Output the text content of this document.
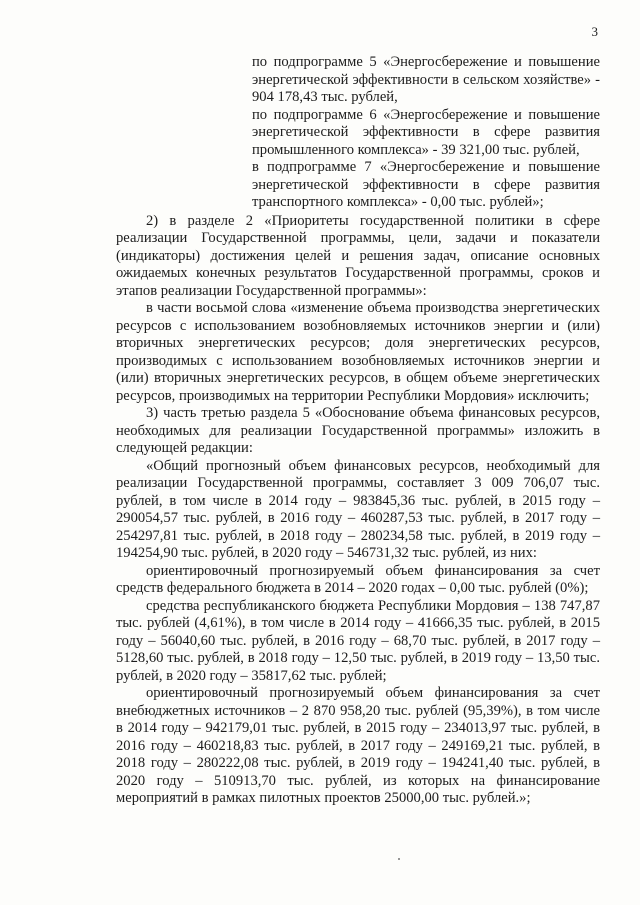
3

по подпрограмме 5 «Энергосбережение и повышение энергетической эффективности в сельском хозяйстве» - 904 178,43 тыс. рублей,

по подпрограмме 6 «Энергосбережение и повышение энергетической эффективности в сфере развития промышленного комплекса» - 39 321,00 тыс. рублей,

в подпрограмме 7 «Энергосбережение и повышение энергетической эффективности в сфере развития транспортного комплекса» - 0,00 тыс. рублей»;

2) в разделе 2 «Приоритеты государственной политики в сфере реализации Государственной программы, цели, задачи и показатели (индикаторы) достижения целей и решения задач, описание основных ожидаемых конечных результатов Государственной программы, сроков и этапов реализации Государственной программы»:

в части восьмой слова «изменение объема производства энергетических ресурсов с использованием возобновляемых источников энергии и (или) вторичных энергетических ресурсов; доля энергетических ресурсов, производимых с использованием возобновляемых источников энергии и (или) вторичных энергетических ресурсов, в общем объеме энергетических ресурсов, производимых на территории Республики Мордовия» исключить;

3) часть третью раздела 5 «Обоснование объема финансовых ресурсов, необходимых для реализации Государственной программы» изложить в следующей редакции:

«Общий прогнозный объем финансовых ресурсов, необходимый для реализации Государственной программы, составляет 3 009 706,07 тыс. рублей, в том числе в 2014 году – 983845,36 тыс. рублей, в 2015 году – 290054,57 тыс. рублей, в 2016 году – 460287,53 тыс. рублей, в 2017 году – 254297,81 тыс. рублей, в 2018 году – 280234,58 тыс. рублей, в 2019 году – 194254,90 тыс. рублей, в 2020 году – 546731,32 тыс. рублей, из них:

ориентировочный прогнозируемый объем финансирования за счет средств федерального бюджета в 2014 – 2020 годах – 0,00 тыс. рублей (0%);

средства республиканского бюджета Республики Мордовия – 138 747,87 тыс. рублей (4,61%), в том числе в 2014 году – 41666,35 тыс. рублей, в 2015 году – 56040,60 тыс. рублей, в 2016 году – 68,70 тыс. рублей, в 2017 году – 5128,60 тыс. рублей, в 2018 году – 12,50 тыс. рублей, в 2019 году – 13,50 тыс. рублей, в 2020 году – 35817,62 тыс. рублей;

ориентировочный прогнозируемый объем финансирования за счет внебюджетных источников – 2 870 958,20 тыс. рублей (95,39%), в том числе в 2014 году – 942179,01 тыс. рублей, в 2015 году – 234013,97 тыс. рублей, в 2016 году – 460218,83 тыс. рублей, в 2017 году – 249169,21 тыс. рублей, в 2018 году – 280222,08 тыс. рублей, в 2019 году – 194241,40 тыс. рублей, в 2020 году – 510913,70 тыс. рублей, из которых на финансирование мероприятий в рамках пилотных проектов 25000,00 тыс. рублей.»;
